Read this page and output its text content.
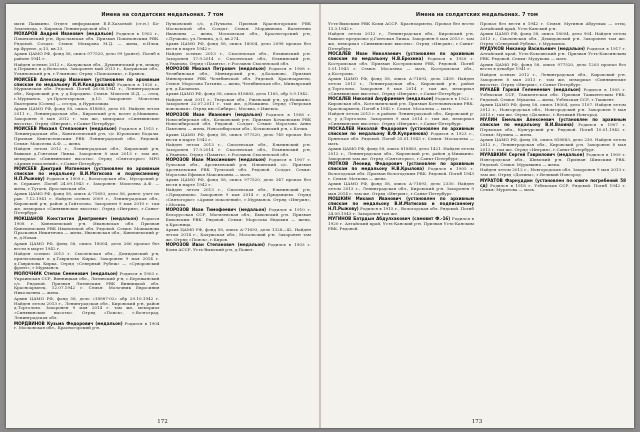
Имена на солдатских медальонах. 7 том

мати Пашкино. Отдел: информация Е.Е.Хазаевой (ст.н.) Бо-Землеведа, г. Кировск Ленинградской обл.)

МОХАРОВ Андрей Иванович (медальон) Родился в 1902 г., Пошехонский р-н, Ярославская обл. Призван Пошехонским РВК. Рядовой. Солдат. Семья: Мохарова М.Д. — жена, п.Ильи, пр.Фрунзе, д.13, кв.13.

Архив ЦАМО РФ, фонд 58, опись 977520, дело 99 (ранее). Погиб в районе 1941 г.

Найден осенью 2012 г., Калужская обл., Думиничский р-н, между д.Перкино и д.Волосово. Захоронен май 2013 г., Калужская обл., Ульяновский р-н, г.Ульяново. Отряд «Поисковик», г.Брянск.

МОИСЕЕВ Александр Иванович (установлен по архивным спискам по медальону И.И.Кондрашова) Родился в 1920 г., Мурманская обл. Рядовой. Погиб 26.08.1941 г., Ленинградская обл., Кировский р-н, у д.Бородино. Семья: Моисеев И.Д. — отец, г.Мурманск, ул.Пролетарская, д.15. Захоронен: Моисеева Екатерина (Солнц) — сестра, д.Нурмолицы.

Архив ЦАМО РФ, фонд 58, опись 818883, дело 65. Найден летом 2011 г., Ленинградская обл., Кировский р-н, возле д.Мишкино. Захоронен 8 мая 2012 г. там же, мемориал «Синявинские высоты». Отряд «Ингрия», г.Санкт-Петербург.

МОИСЕЕВ Михаил Степанович (медальон) Родился в 1915 г. Ленинградская обл., Кингисеппский р-н, с/с Юромские Бодалы. Призван Кингисеппским РВК Ленинградской обл. Рядовой. Семья: Моисеева А.Ф. — жена.

Найден летом 2012 г., Ленинградская обл., Кировский р-н, бывшая д.Гонтовая Липка. Захоронен 8 мая 2013 г. там же, мемориал «Синявинские высоты». Отряд «Святогорье» МРО «Армия поколений», г.Санкт-Петербург.

МОИСЕЕВ Дмитрий Матвеевич (установлен по архивным спискам по медальону В.И.Матисова и подписанному Н.П.Рыжову) Родился в 1909 г., Вологодская обл., Мусорский р-н. Сержант. Погиб 24.09.1943 г. Захоронен: Моисеева А.Ф. — жена, г.Тутаев, Ярославская обл.

Архив ЦАМО РФ, фонд 58, опись А-71693, дело 56, ранее: учет по ран. 7.12.1941 г. Найден осенью 2009 г., Ленинградская обл., Кировский р-н, район д.Гайтолово. Захоронен 9 мая 2010 г. там же, мемориал «Синявинские высоты». Отряд «Ингрия», г.Санкт-Петербург.

МОКШАНОВ Константин Дмитриевич (медальон) Родился 1908 г. Кинешемский р-н, Ивановская обл. Призван Кинешемским РВК Ивановской обл. Рядовой. Семья: Мокшанова Прасковья Никитична — жена, Ивановская обл., Кинешемский р-н, д.Новая.

Архив ЦАМО РФ, фонд 58, опись 18004, дело 266 пропал без вести в марте 1942 г.

Найден осенью 2013 г. Смоленская обл., Демидовский р-н, прилегающая к д.Гаврилова Кирка. Захоронен 9 мая 2014 г. д.Гаврилова Кирка. Отряд «Северный Рубеж» — «Суворовский фронт», г.Мурманск.

МОЛОЧНИК Степан Семенович (медальон) Родился в 1903 г. Украинская ССР, Винницкая обл., Литинский р-н, с.Бережанский с/с. Рядовой. Призван Литинским РВК Винницкой обл. Красноармеец. 12.07.1942 г. Семья: Молочник Евросиния Николаевна — жена.

Архив ЦАМО РФ, фонд 58, дело «18987-02» обр 29.10.1942 г. Найден летом 2013 г., Ленинградская обл., Кировский р-н, район д.Тортолово. Захоронен 9 мая 2014 г. там же, мемориал «Синявинские высоты». Отряд «Поиск», г.Волгоград, Ленинградская обл.

МОРДВИНОВ Кузьма Федорович (медальон) Родился в 1904 г. Московская обл., Красногорский р-н.

Пучковский с/с, д.Пучково. Призван Красногорским РВК Московской обл. Солдат. Семья: Мордвинова Валентина Ивановна — жена, Московская обл., Красногорский р-н, с.Пучково, ул.Ленина, д.3, кв.274.

Архив ЦАМО РФ, фонд 58, опись 18004, дело 2098 пропал без вести в марте 1942 г.

Найден осенью 2013 г., Смоленская обл., Ельнинский р-н. Захоронен 17.9.2014 г. Смоленская обл., Ельнинский р-н, д.Уваново. Отряд «Память», г.Рославль Смоленской обл.

МОРОЗОВ Михаил Петрович (медальон) Родился в 1908 г. Челябинская обл., Миньярский р-н, д.Баланово. Призван Миньярским РВК Челябинской обл. Рядовой. Красноармеец. Семья: Морозова Татьяна — жена, Челябинская обл., Миньярский р-н, д.Баланово.

Архив ЦАМО РФ, фонд 58, опись 818883, дело 1165, обр 5.9.1942.

Найден май 2011 г., Тверская обл., Ржевский р-н, ур.Ножкино. Захоронен 22.07.2011 г. там же, д.Ножкино. Отряд «Тверская поисковая». Отряд им.«Сибирь», Москва, г.Ижевск.

МОРОЗОВ Иван Иванович (медальон) Родился в 1908 г. Новосибирская обл., Кочковский р-н. Призван Кочковским РВК Новосибирской обл. Рядовой. Солдат. Семья: Морозова Анна Павловна — жена, Новосибирская обл., Кочковский р-н, с.Кочки.

Архив ЦАМО РФ, фонд 58, опись 977520, дело 749 пропал без вести в марте 1942 г.

Найден летом 2013 г., Смоленская обл., Ельнинский р-н. Захоронен 17.9.2014 г. Смоленская обл., Ельнинский р-н, д.Уваново. Отряд «Память», г.Рославль Смоленской обл.

МОРОЗОВ Иван Максимович (медальон) Родился в 1907 г. Тульская обл., Арсеньевский р-н, Ильинский с/с. Призван Арсеньевским РВК Тульской обл. Рядовой. Солдат. Семья: Морозова Ефимья Максимовна — мать.

Архив ЦАМО РФ, фонд 58, опись 977520, дело 347 пропал без вести в марте 1942 г.

Найден летом 2013 г., Смоленская обл., Ельнинский р-н, с.Приданцево. Захоронен 9 мая 2014 г. д.Приданцево. Отряд «Святогорье» «Армия поколений», г.Мурманск. Отряд «Ингрия», г.Москва.

МОРОЗОВ Иван Тимофеевич (медальон) Родился в 1910 г. Белорусская ССР, Могилевская обл., Быховский р-н. Призван Быховским РВК. Рядовой. Семья: Морозова Евдокия — жена, д.Красница.

Архив ЦАМО РФ, фонд 58, опись А-71693, дело 1328—42. Найден летом 2014 г., Калужская обл., Мосальский р-н. Захоронен там же. Отряд «Поиск», г.Киров.

МОРОЗОВ Иван Степанович (медальон) Родился в 1903 г. Коми АССР, Усть-Вымский р-н, д.Пожег.

172
Имена на солдатских медальонах. 7 том

Усть-Вымским РВК Коми АССР. Красноармеец. Пропал без вести 13.3.1942 г.

Найден летом 2012 г., Ленинградская обл., Кировский р-н, бывшее предполье д.Гонтовая Липка. Захоронен 8 мая 2013 г. там же, мемориал «Синявинские высоты». Отряд «Ингрия», г.Санкт-Петербург.

МОСАЛЕВ Иван Николаевич (установлен по архивным спискам по медальону Н.В.Ерохина) Родился в 1920 г. Костромская обл. Призван Костромским РВК. Рядовой. Погиб 5.01.1943 г. Семья: Мосалева — мать, Костромская обл., д.Кострома.

Архив ЦАМО РФ, фонд 58, опись А-71693, дело 2459. Найден летом 2013 г., Ленинградская обл., Кировский р-н, район д.Тортолово. Захоронен 9 мая 2014 г. там же, мемориал «Синявинские высоты». Отряд «Ингрия», г.Санкт-Петербург.

МОСАЛЕВ Николай Ануфриевич (медальон) Родился в 1922 г. Кировская обл., Котельничский р-н. Призван Котельничским РВК. Красноармеец. Погиб в 1942 г. Семья: Мосалева — мать.

Найден летом 2013 г. в районе Ленинградской обл., Кировский р-н, у д.Тортолово. Захоронен 9 мая 2014 г. там же, мемориал «Синявинские высоты». Отряд «Ингрия», г.Санкт-Петербург.

МОСКАЛЕВ Николай Федорович (установлен по архивным спискам по медальону В.Ф.Куприянова) Родился в 1923 г., Брянская обл. Рядовой. Погиб 25.01.1943 г. Семья: Москалева — мать.

Архив ЦАМО РФ, фонд 58, опись 818883, дело 1421. Найден летом 2012 г., Ленинградская обл., Кировский р-н, район д.Мишкино. Захоронен там же. Отряд «Святогорье», г.Санкт-Петербург.

МОТКОВ Леонид Федорович (установлен по архивным спискам по медальону Н.В.Крылова) Родился в 1905 г. Вологодская обл. Призван Вологодским РВК. Рядовой. Погиб 1943 г. Семья: Моткова — жена.

Архив ЦАМО РФ, фонд 58, опись А-71693, дело 2330. Найден летом 2013 г., Ленинградская обл., Кировский р-н. Захоронен 9 мая 2014 г. там же. Отряд «Ингрия», г.Санкт-Петербург.

МОШКИН Михаил Иванович (установлен по архивным спискам по медальону В.И.Матисова и подписанному Н.П.Рыжову) Родился в 1915 г., Вологодская обл. Рядовой. Погиб 24.09.1943 г. Захоронен там же.

МУГИНОВ Батрдын Абдулхакович (самовит Ф.-16) Родился в 1920 г. Алтайский край, Усть-Канский р-н. Призван Усть-Канским РВК. Рядовой.

Пропал без вести в 1942 г. Семья: Мугинов Абдулхак — отец, Алтайский край, Усть-Канский р-н.

Архив ЦАМО РФ, фонд 58, опись 18004, дело 904. Найден летом 2013 г., Смоленская обл., Демидовский р-н. Захоронен там же. Отряд «Северный Рубеж», г.Мурманск.

МУДУКОВ Никанор Васильевич (медальон) Родился в 1917 г. Алтайский край, Усть-Коксинский р-н. Призван Усть-Коксинским РВК. Рядовой. Семья: Мудукова — мать.

Архив ЦАМО РФ, фонд 58, опись 977520, дело 1203 пропал без вести в декабре 1941 г.

Найден осенью 2012 г., Ленинградская обл., Кировский р-н. Захоронен 8 мая 2013 г. там же, мемориал «Синявинские высоты». Отряд «Ингрия», г.Санкт-Петербург.

МУКАЕВ Гарнай Гелемеевич (медальон) Родился в 1905 г. Узбекская ССР, Ташкентская обл. Призван Ташкентским РВК. Рядовой. Семья: Мукаева — жена, Узбекская ССР, г.Ташкент.

Архив ЦАМО РФ, фонд 58, опись 18004, дело 1107. Найден летом 2012 г., Новгородская обл., Новгородский р-н. Захоронен 9 мая 2013 г. там же. Отряд «Долина», г.Великий Новгород.

МУЛИН Емельян Алексеевич (установлен по архивным спискам по медальону В.И.Вахина) Родился в 1907 г. Пермская обл., Кунгурский р-н. Рядовой. Погиб 10.01.1942 г. Семья: Мулина — жена.

Архив ЦАМО РФ, фонд 58, опись 818883, дело 230. Найден летом 2012 г., Ленинградская обл., Кировский р-н. Захоронен 8 мая 2013 г. там же. Отряд «Ингрия», г.Санкт-Петербург.

МУРАВКИН Сергей Гаврилович (медальон) Родился в 1909 г. Новгородская обл., Шимский р-н. Призван Шимским РВК. Рядовой. Семья: Муравкина — жена.

Найден летом 2012 г., Новгородская обл. Захоронен 9 мая 2013 г. там же. Отряд «Долина», г.Великий Новгород.

МУРАТОВ Фарнуддин (установлен по книге погребений 58 сд) Родился в 1918 г. Узбекская ССР. Рядовой. Погиб 1942 г. Семья: Муратова — мать.

173
